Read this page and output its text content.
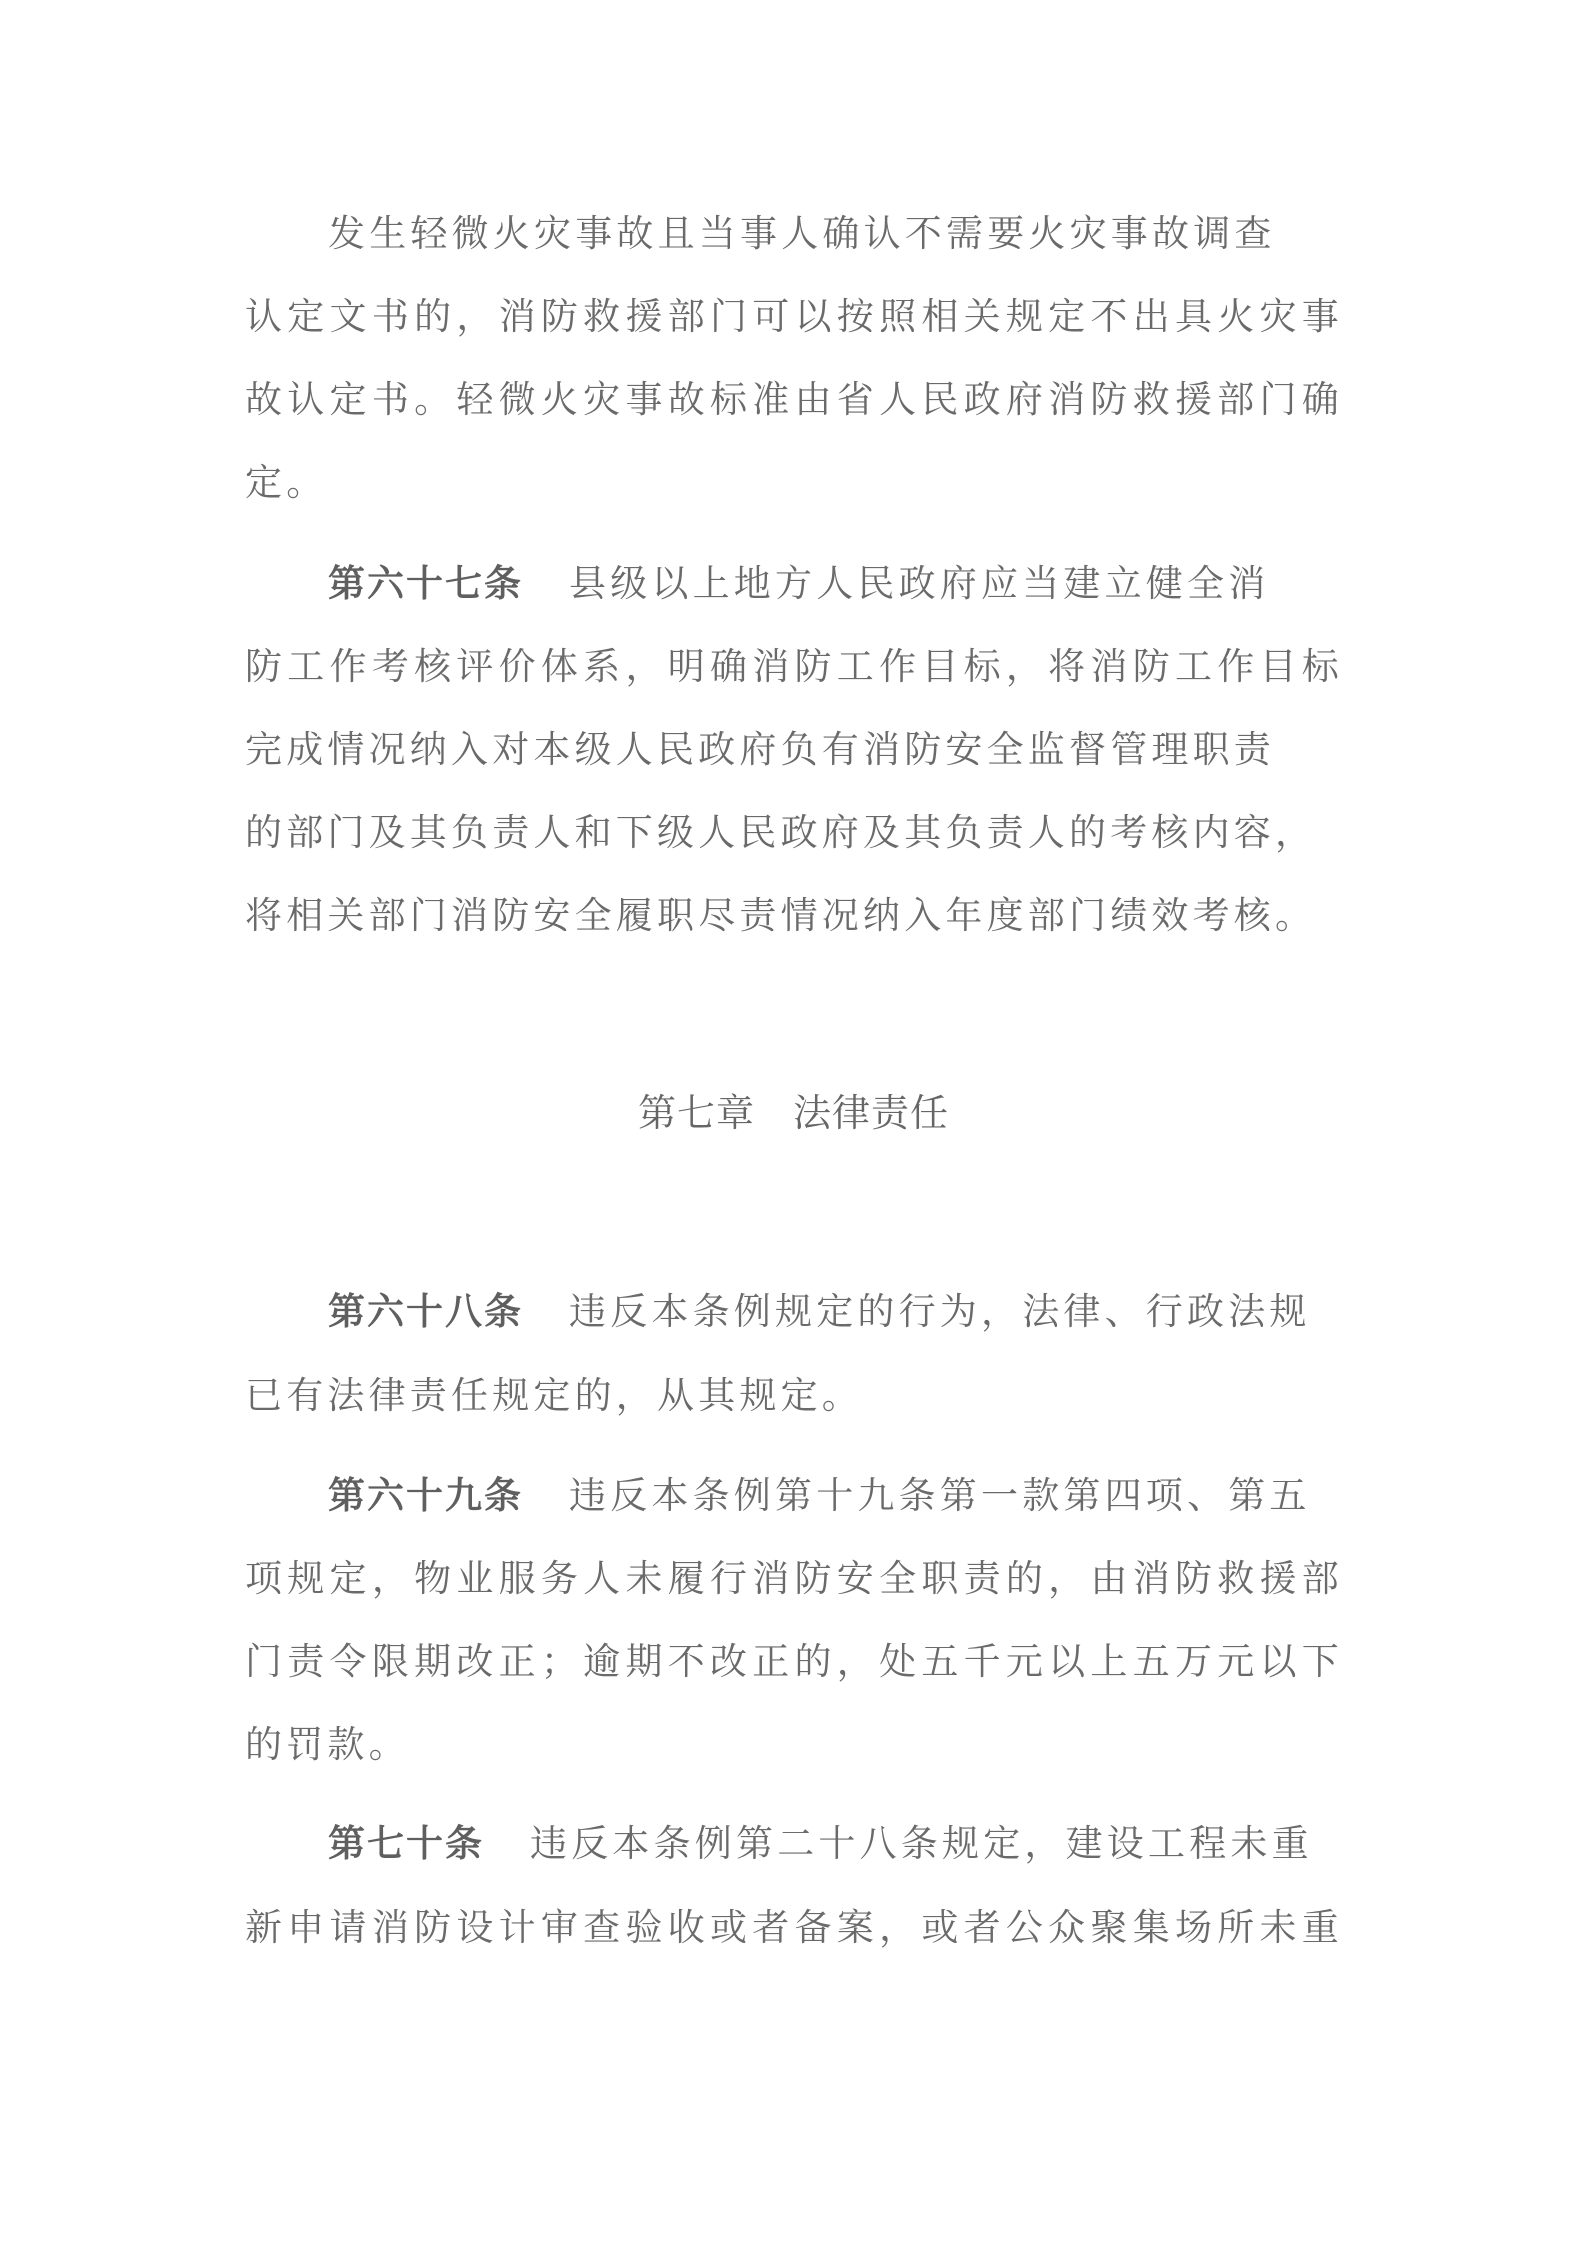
发生轻微火灾事故且当事人确认不需要火灾事故调查
认定文书的，消防救援部门可以按照相关规定不出具火灾事
故认定书。轻微火灾事故标准由省人民政府消防救援部门确
定。
第六十七条 县级以上地方人民政府应当建立健全消
防工作考核评价体系，明确消防工作目标，将消防工作目标
完成情况纳入对本级人民政府负有消防安全监督管理职责
的部门及其负责人和下级人民政府及其负责人的考核内容，
将相关部门消防安全履职尽责情况纳入年度部门绩效考核。
第七章 法律责任
第六十八条 违反本条例规定的行为，法律、行政法规
已有法律责任规定的，从其规定。
第六十九条 违反本条例第十九条第一款第四项、第五
项规定，物业服务人未履行消防安全职责的，由消防救援部
门责令限期改正；逾期不改正的，处五千元以上五万元以下
的罚款。
第七十条 违反本条例第二十八条规定，建设工程未重
新申请消防设计审查验收或者备案，或者公众聚集场所未重
